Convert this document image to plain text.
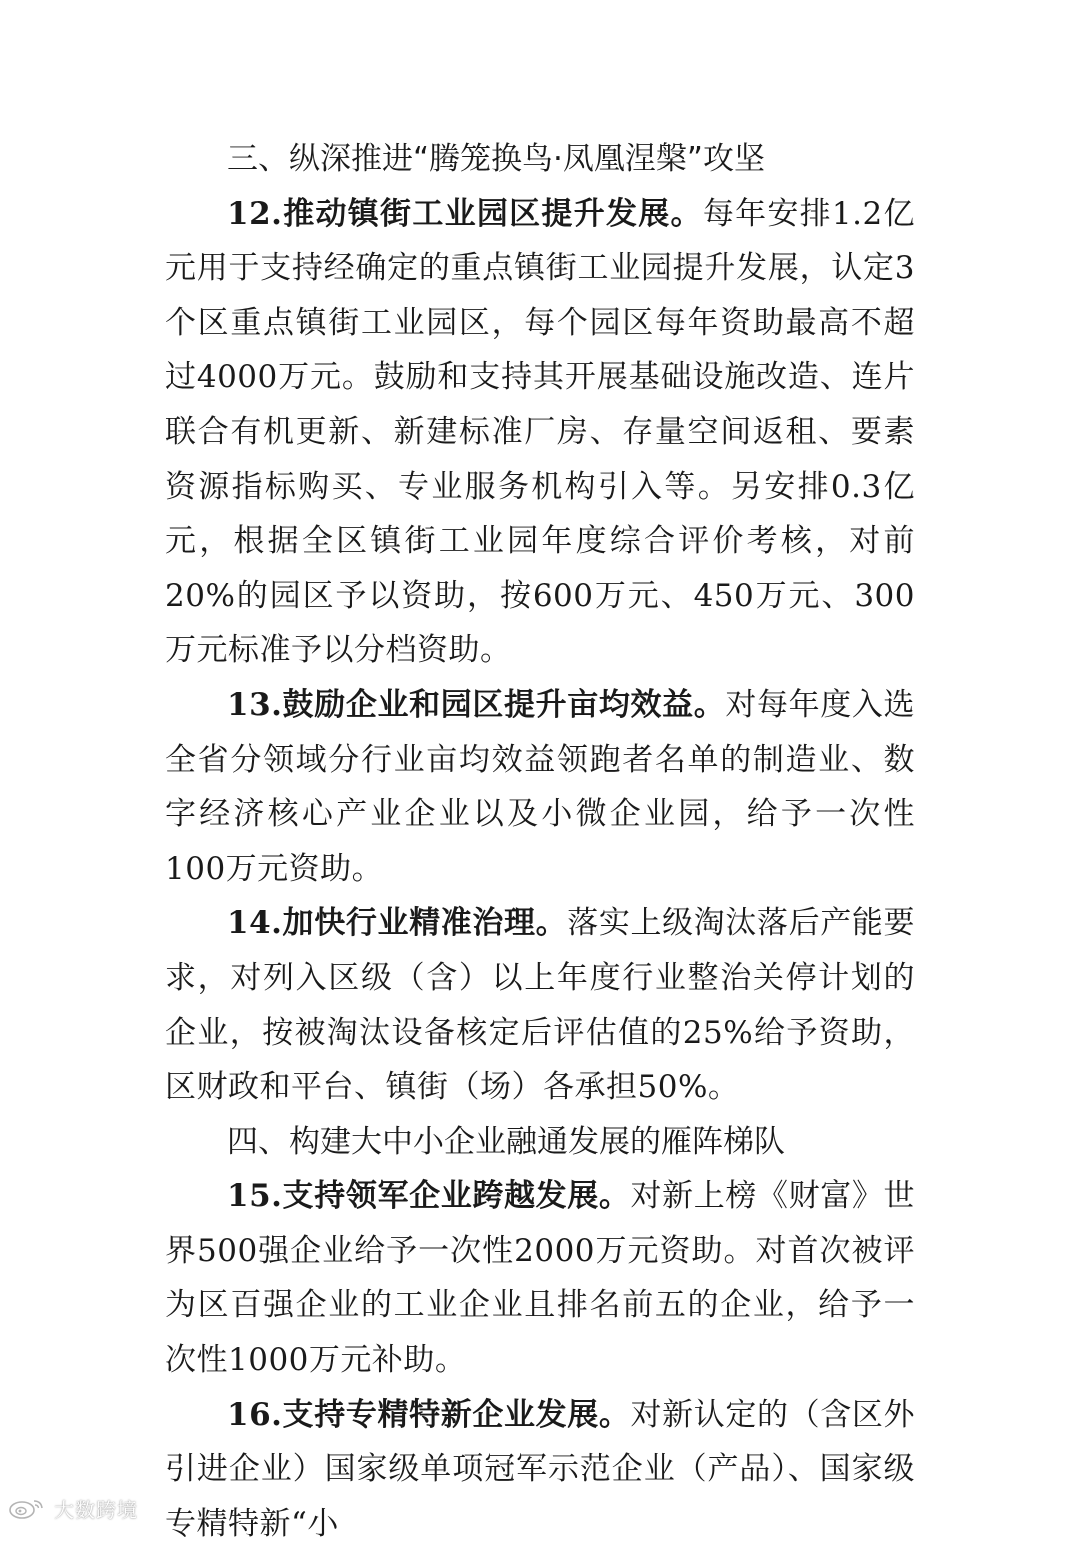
三、纵深推进“腾笼换鸟·凤凰涅槃”攻坚

12.推动镇街工业园区提升发展。每年安排1.2亿元用于支持经确定的重点镇街工业园提升发展，认定3个区重点镇街工业园区，每个园区每年资助最高不超过4000万元。鼓励和支持其开展基础设施改造、连片联合有机更新、新建标准厂房、存量空间返租、要素资源指标购买、专业服务机构引入等。另安排0.3亿元，根据全区镇街工业园年度综合评价考核，对前20%的园区予以资助，按600万元、450万元、300万元标准予以分档资助。

13.鼓励企业和园区提升亩均效益。对每年度入选全省分领域分行业亩均效益领跑者名单的制造业、数字经济核心产业企业以及小微企业园，给予一次性100万元资助。

14.加快行业精准治理。落实上级淘汰落后产能要求，对列入区级（含）以上年度行业整治关停计划的企业，按被淘汰设备核定后评估值的25%给予资助，区财政和平台、镇街（场）各承担50%。

四、构建大中小企业融通发展的雁阵梯队

15.支持领军企业跨越发展。对新上榜《财富》世界500强企业给予一次性2000万元资助。对首次被评为区百强企业的工业企业且排名前五的企业，给予一次性1000万元补助。

16.支持专精特新企业发展。对新认定的（含区外引进企业）国家级单项冠军示范企业（产品）、国家级专精特新“小

大数跨境
